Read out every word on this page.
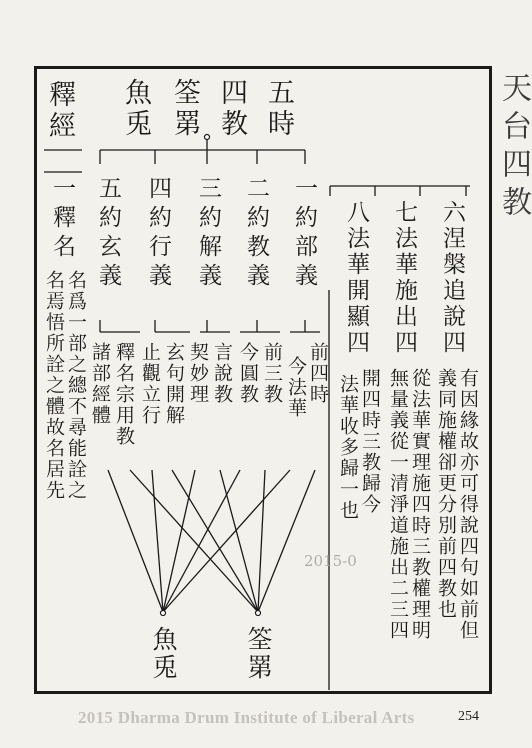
天台四教
釋經	五時
四教
筌罤
魚兎
六涅槃追說四
七法華施出四
八法華開顯四
有因緣故亦可得說四句如前但
義同施權卻更分別前四教也
從法華實理施四時三教權理明
無量義從一清淨道施出二三四
開四時三教歸今
法華收多歸一也
一約部義
二約教義
三約解義
四約行義
五約玄義
前四時
今法華
前三教
今圓教
言說教
契妙理
玄句開解
止觀立行
釋名宗用教
諸部經體
一釋名
名爲一部之總不尋能詮之
名焉悟所詮之體故名居先
筌罤
魚兎
2015-0
2015 Dharma Drum Institute of Liberal Arts	254
